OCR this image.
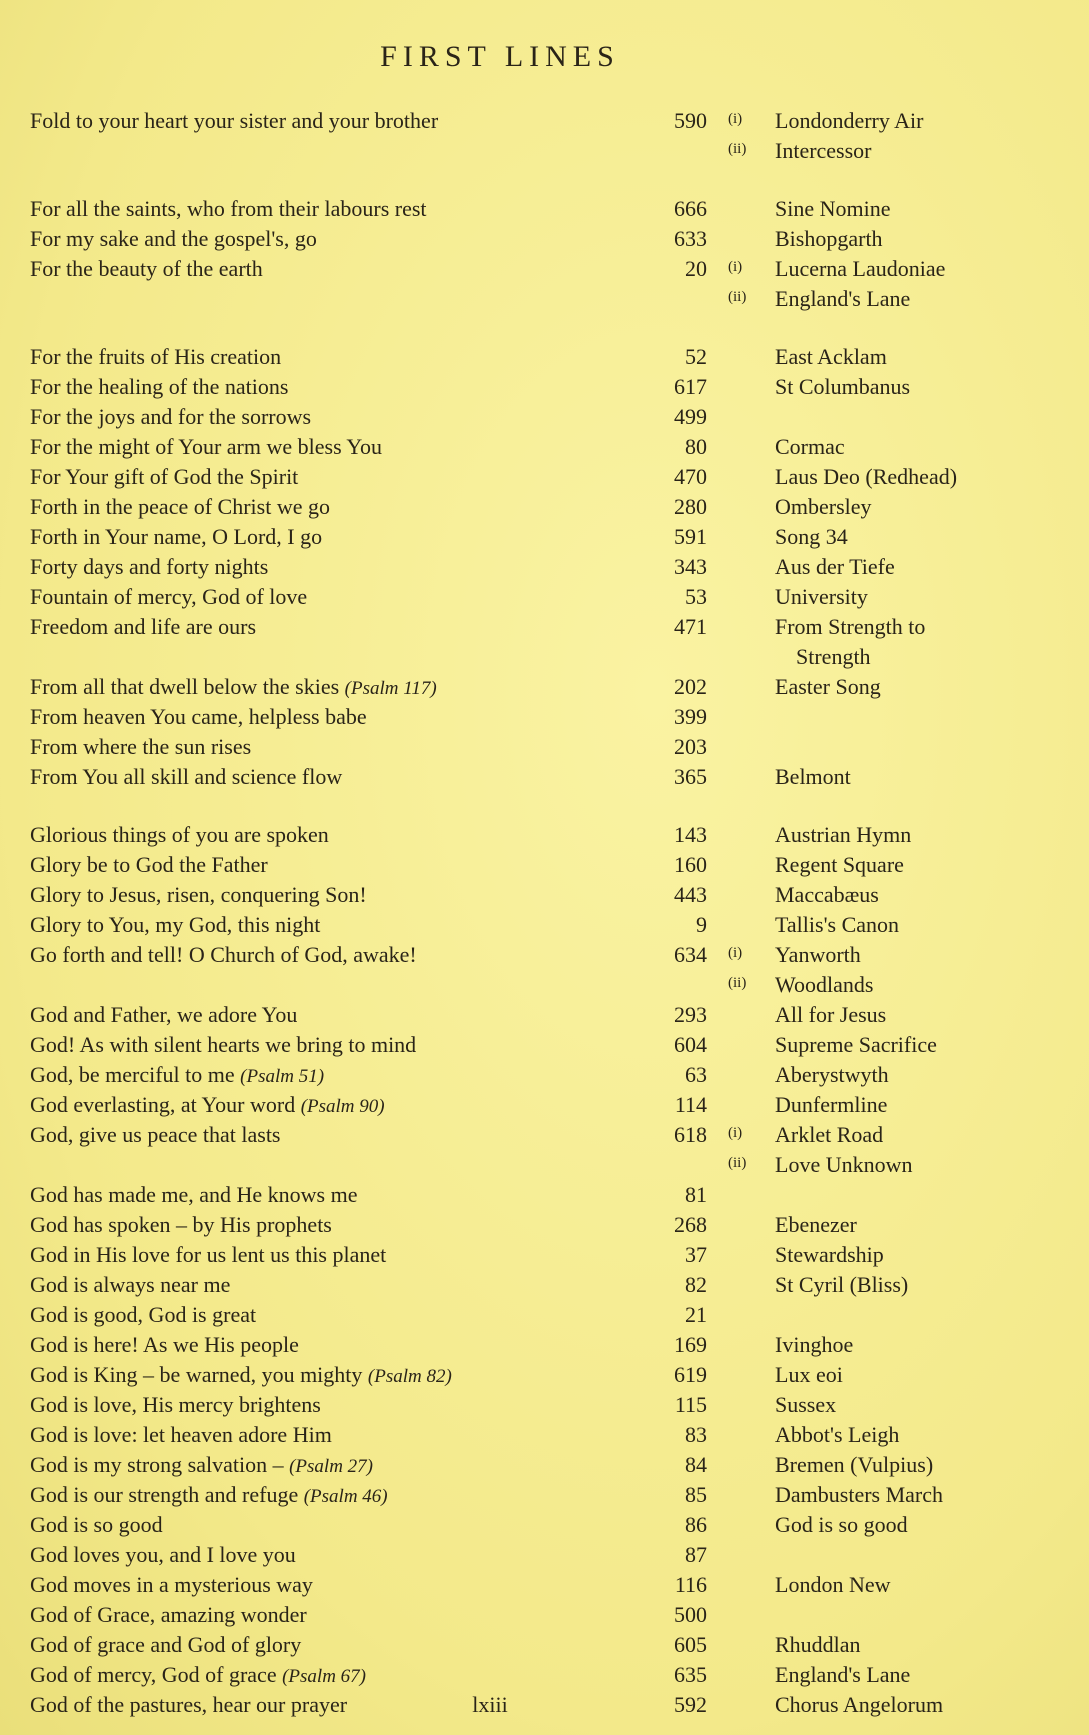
FIRST LINES
Fold to your heart your sister and your brother	590 (i) Londonderry Air
(ii) Intercessor
For all the saints, who from their labours rest	666	Sine Nomine
For my sake and the gospel's, go	633	Bishopgarth
For the beauty of the earth	20 (i) Lucerna Laudoniae
(ii) England's Lane
For the fruits of His creation	52	East Acklam
For the healing of the nations	617	St Columbanus
For the joys and for the sorrows	499
For the might of Your arm we bless You	80	Cormac
For Your gift of God the Spirit	470	Laus Deo (Redhead)
Forth in the peace of Christ we go	280	Ombersley
Forth in Your name, O Lord, I go	591	Song 34
Forty days and forty nights	343	Aus der Tiefe
Fountain of mercy, God of love	53	University
Freedom and life are ours	471	From Strength to
Strength
From all that dwell below the skies (Psalm 117)	202	Easter Song
From heaven You came, helpless babe	399
From where the sun rises	203
From You all skill and science flow	365	Belmont
Glorious things of you are spoken	143	Austrian Hymn
Glory be to God the Father	160	Regent Square
Glory to Jesus, risen, conquering Son!	443	Maccabæus
Glory to You, my God, this night	9	Tallis's Canon
Go forth and tell! O Church of God, awake!	634 (i) Yanworth
(ii) Woodlands
God and Father, we adore You	293	All for Jesus
God! As with silent hearts we bring to mind	604	Supreme Sacrifice
God, be merciful to me (Psalm 51)	63	Aberystwyth
God everlasting, at Your word (Psalm 90)	114	Dunfermline
God, give us peace that lasts	618 (i) Arklet Road
(ii) Love Unknown
God has made me, and He knows me	81
God has spoken – by His prophets	268	Ebenezer
God in His love for us lent us this planet	37	Stewardship
God is always near me	82	St Cyril (Bliss)
God is good, God is great	21
God is here! As we His people	169	Ivinghoe
God is King – be warned, you mighty (Psalm 82)	619	Lux eoi
God is love, His mercy brightens	115	Sussex
God is love: let heaven adore Him	83	Abbot's Leigh
God is my strong salvation – (Psalm 27)	84	Bremen (Vulpius)
God is our strength and refuge (Psalm 46)	85	Dambusters March
God is so good	86	God is so good
God loves you, and I love you	87
God moves in a mysterious way	116	London New
God of Grace, amazing wonder	500
God of grace and God of glory	605	Rhuddlan
God of mercy, God of grace (Psalm 67)	635	England's Lane
God of the pastures, hear our prayer	592	Chorus Angelorum
lxiii
